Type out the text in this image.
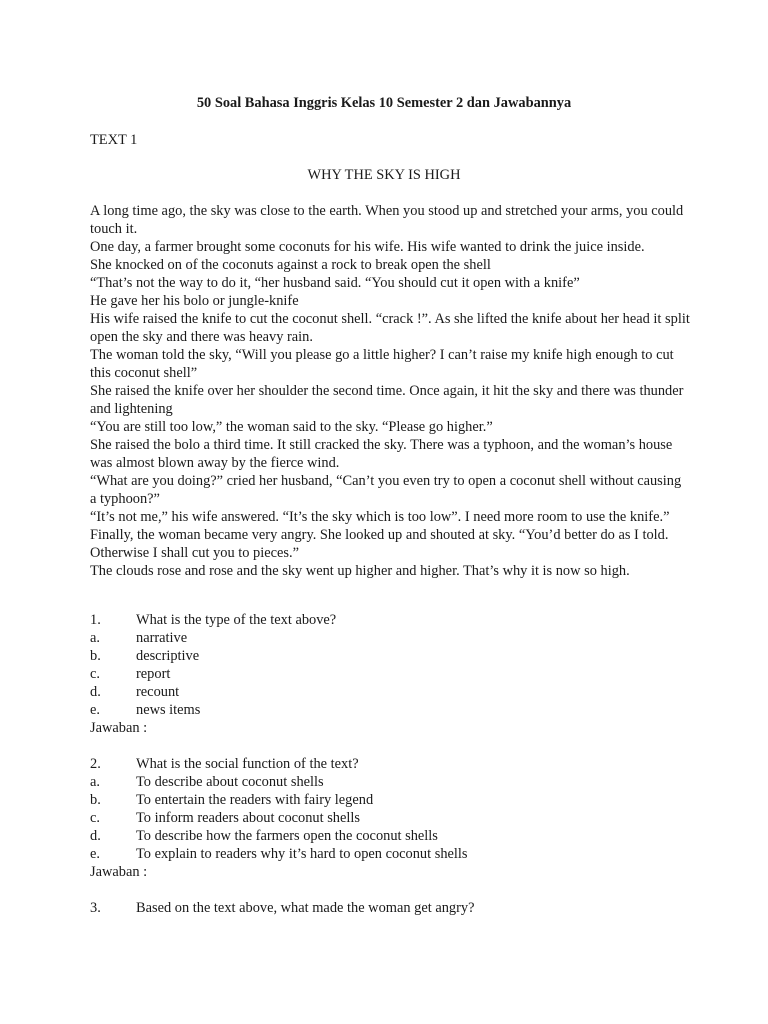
50 Soal Bahasa Inggris Kelas 10 Semester 2 dan Jawabannya
TEXT 1
WHY THE SKY IS HIGH

A long time ago, the sky was close to the earth. When you stood up and stretched your arms, you could touch it.

One day, a farmer brought some coconuts for his wife. His wife wanted to drink the juice inside.

She knocked on of the coconuts against a rock to break open the shell

“That’s not the way to do it, “her husband said. “You should cut it open with a knife”

He gave her his bolo or jungle-knife

His wife raised the knife to cut the coconut shell. “crack !”. As she lifted the knife about her head it split open the sky and there was heavy rain.

The woman told the sky, “Will you please go a little higher? I can’t raise my knife high enough to cut this coconut shell”

She raised the knife over her shoulder the second time. Once again, it hit the sky and there was thunder and lightening

“You are still too low,” the woman said to the sky. “Please go higher.”

She raised the bolo a third time. It still cracked the sky. There was a typhoon, and the woman’s house was almost blown away by the fierce wind.

“What are you doing?” cried her husband, “Can’t you even try to open a coconut shell without causing a typhoon?”

“It’s not me,” his wife answered. “It’s the sky which is too low”. I need more room to use the knife.”

Finally, the woman became very angry. She looked up and shouted at sky. “You’d better do as I told. Otherwise I shall cut you to pieces.”

The clouds rose and rose and the sky went up higher and higher. That’s why it is now so high.

1.	What is the type of the text above?
a.	narrative
b.	descriptive
c.	report
d.	recount
e.	news items
Jawaban :
2.	What is the social function of the text?
a.	To describe about coconut shells
b.	To entertain the readers with fairy legend
c.	To inform readers about coconut shells
d.	To describe how the farmers open the coconut shells
e.	To explain to readers why it’s hard to open coconut shells
Jawaban :
3.	Based on the text above, what made the woman get angry?
